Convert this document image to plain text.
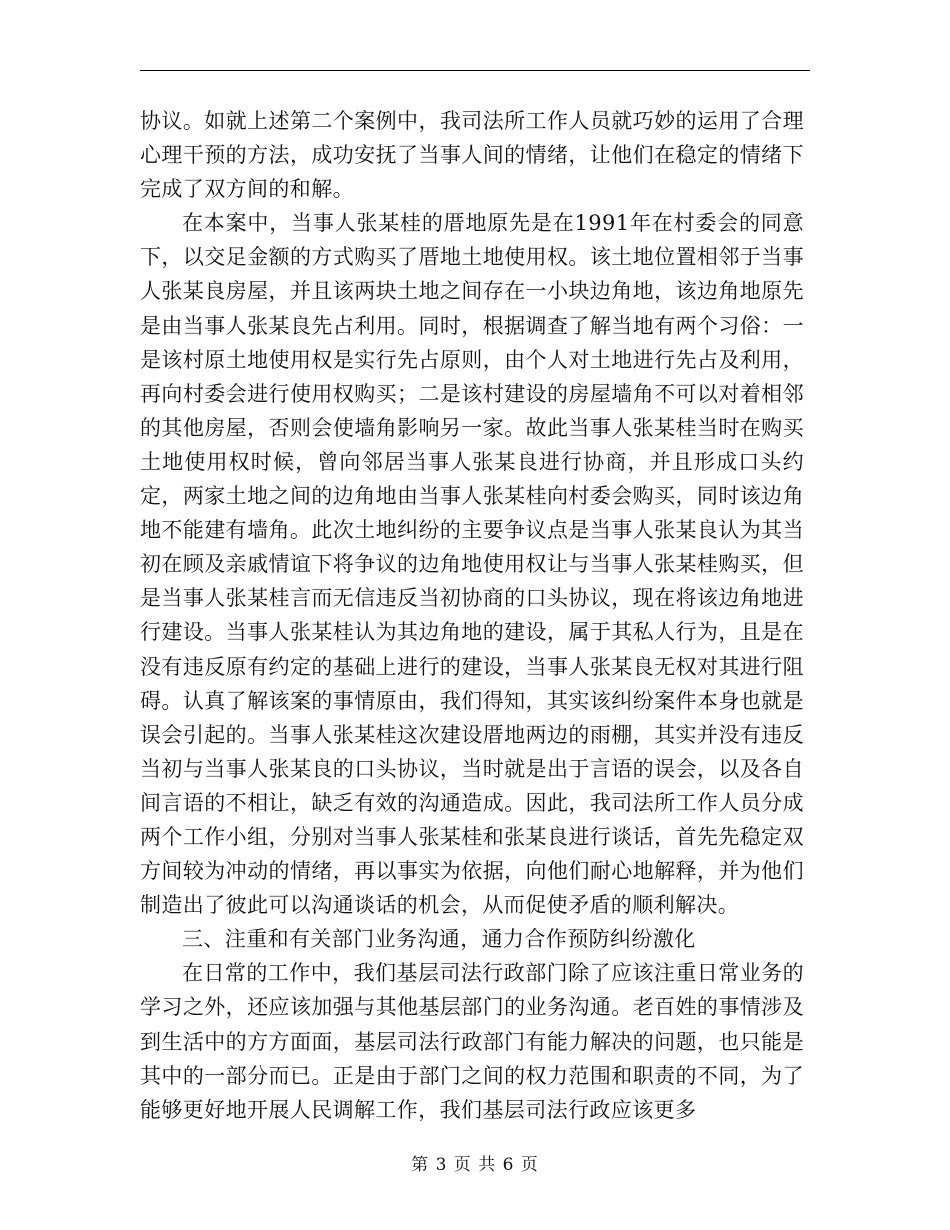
协议。如就上述第二个案例中，我司法所工作人员就巧妙的运用了合理心理干预的方法，成功安抚了当事人间的情绪，让他们在稳定的情绪下完成了双方间的和解。

在本案中，当事人张某桂的厝地原先是在1991年在村委会的同意下，以交足金额的方式购买了厝地土地使用权。该土地位置相邻于当事人张某良房屋，并且该两块土地之间存在一小块边角地，该边角地原先是由当事人张某良先占利用。同时，根据调查了解当地有两个习俗：一是该村原土地使用权是实行先占原则，由个人对土地进行先占及利用，再向村委会进行使用权购买；二是该村建设的房屋墙角不可以对着相邻的其他房屋，否则会使墙角影响另一家。故此当事人张某桂当时在购买土地使用权时候，曾向邻居当事人张某良进行协商，并且形成口头约定，两家土地之间的边角地由当事人张某桂向村委会购买，同时该边角地不能建有墙角。此次土地纠纷的主要争议点是当事人张某良认为其当初在顾及亲戚情谊下将争议的边角地使用权让与当事人张某桂购买，但是当事人张某桂言而无信违反当初协商的口头协议，现在将该边角地进行建设。当事人张某桂认为其边角地的建设，属于其私人行为，且是在没有违反原有约定的基础上进行的建设，当事人张某良无权对其进行阻碍。认真了解该案的事情原由，我们得知，其实该纠纷案件本身也就是误会引起的。当事人张某桂这次建设厝地两边的雨棚，其实并没有违反当初与当事人张某良的口头协议，当时就是出于言语的误会，以及各自间言语的不相让，缺乏有效的沟通造成。因此，我司法所工作人员分成两个工作小组，分别对当事人张某桂和张某良进行谈话，首先先稳定双方间较为冲动的情绪，再以事实为依据，向他们耐心地解释，并为他们制造出了彼此可以沟通谈话的机会，从而促使矛盾的顺利解决。

三、注重和有关部门业务沟通，通力合作预防纠纷激化

在日常的工作中，我们基层司法行政部门除了应该注重日常业务的学习之外，还应该加强与其他基层部门的业务沟通。老百姓的事情涉及到生活中的方方面面，基层司法行政部门有能力解决的问题，也只能是其中的一部分而已。正是由于部门之间的权力范围和职责的不同，为了能够更好地开展人民调解工作，我们基层司法行政应该更多

第 3 页 共 6 页
